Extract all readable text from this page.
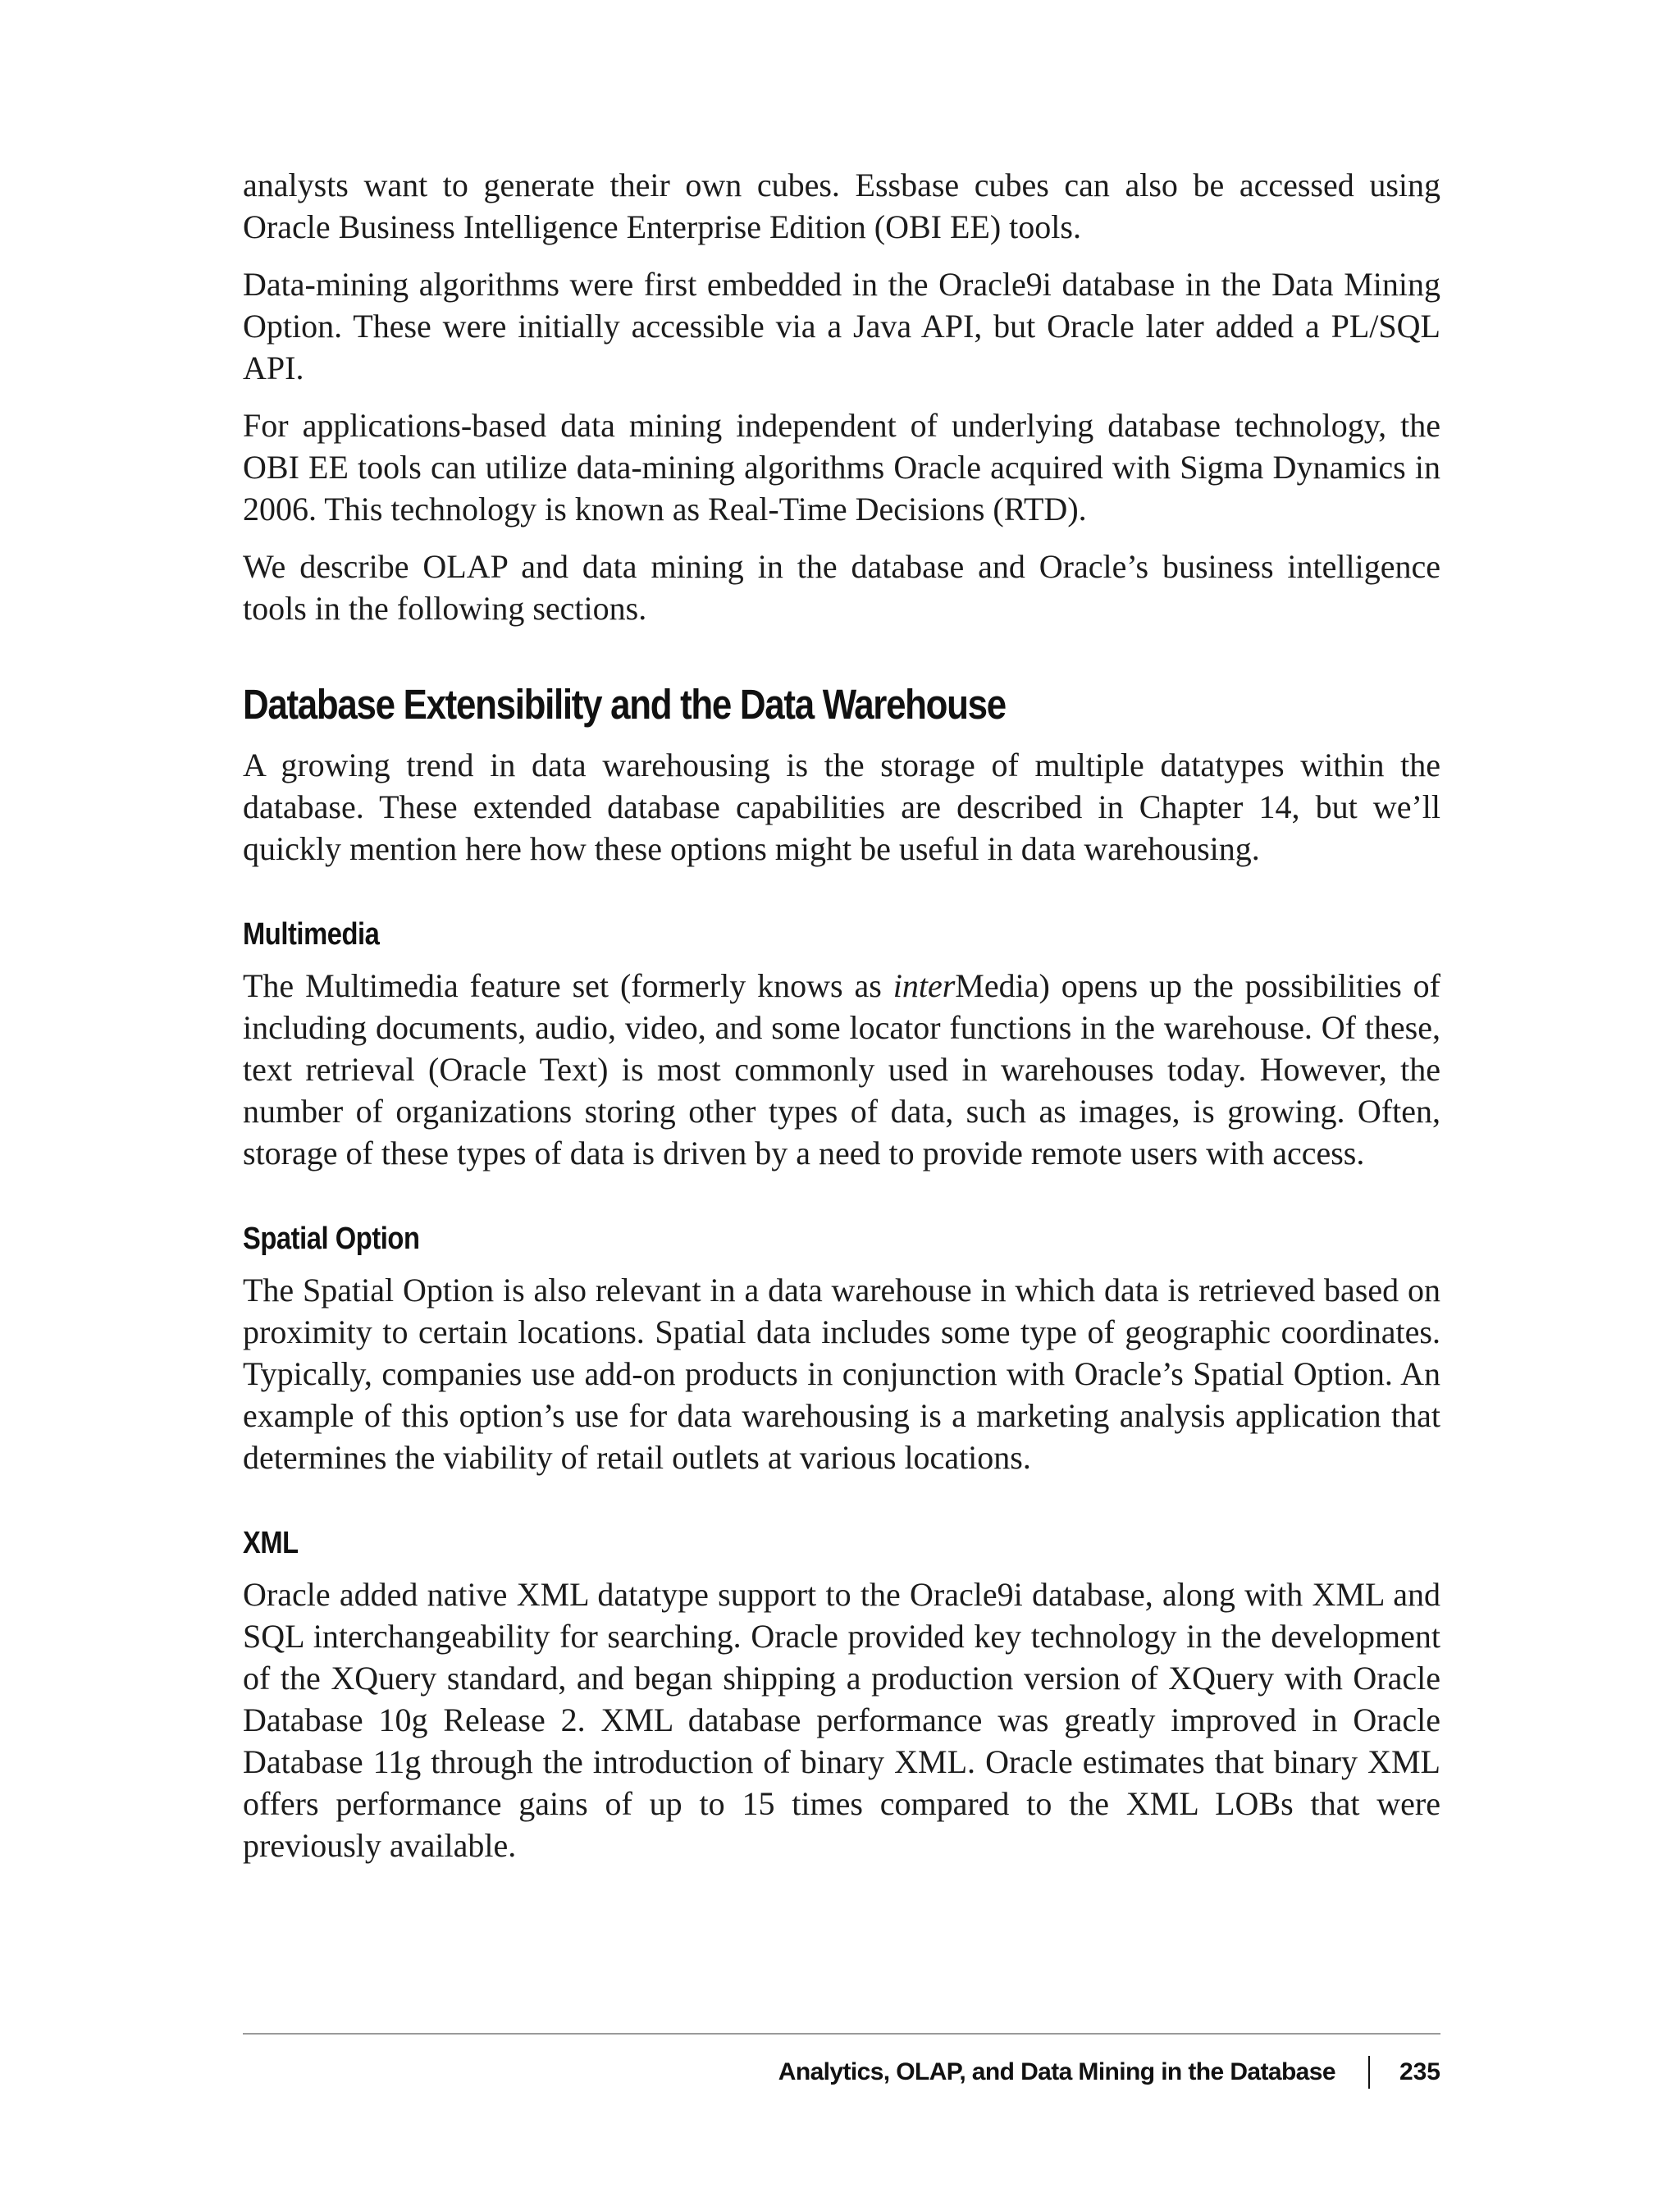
analysts want to generate their own cubes. Essbase cubes can also be accessed using Oracle Business Intelligence Enterprise Edition (OBI EE) tools.

Data-mining algorithms were first embedded in the Oracle9i database in the Data Mining Option. These were initially accessible via a Java API, but Oracle later added a PL/SQL API.

For applications-based data mining independent of underlying database technology, the OBI EE tools can utilize data-mining algorithms Oracle acquired with Sigma Dynamics in 2006. This technology is known as Real-Time Decisions (RTD).

We describe OLAP and data mining in the database and Oracle’s business intelligence tools in the following sections.

Database Extensibility and the Data Warehouse

A growing trend in data warehousing is the storage of multiple datatypes within the database. These extended database capabilities are described in Chapter 14, but we’ll quickly mention here how these options might be useful in data warehousing.

Multimedia

The Multimedia feature set (formerly knows as interMedia) opens up the possibilities of including documents, audio, video, and some locator functions in the warehouse. Of these, text retrieval (Oracle Text) is most commonly used in warehouses today. However, the number of organizations storing other types of data, such as images, is growing. Often, storage of these types of data is driven by a need to provide remote users with access.

Spatial Option

The Spatial Option is also relevant in a data warehouse in which data is retrieved based on proximity to certain locations. Spatial data includes some type of geographic coordinates. Typically, companies use add-on products in conjunction with Oracle’s Spatial Option. An example of this option’s use for data warehousing is a marketing analysis application that determines the viability of retail outlets at various locations.

XML

Oracle added native XML datatype support to the Oracle9i database, along with XML and SQL interchangeability for searching. Oracle provided key technology in the development of the XQuery standard, and began shipping a production version of XQuery with Oracle Database 10g Release 2. XML database performance was greatly improved in Oracle Database 11g through the introduction of binary XML. Oracle estimates that binary XML offers performance gains of up to 15 times compared to the XML LOBs that were previously available.

Analytics, OLAP, and Data Mining in the Database	235
